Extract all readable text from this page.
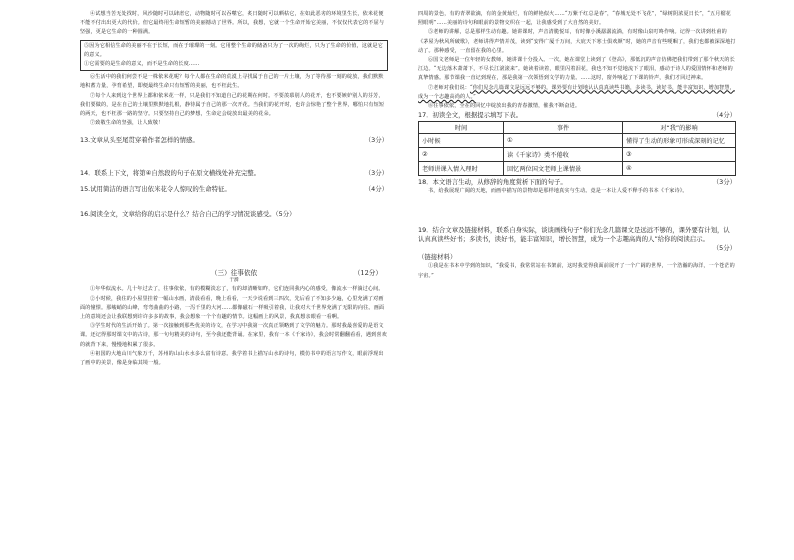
④试想当苦无处找时，风沙随时可以肆虐它，动物随时可以吞噬它，炙日随时可以晒枯它，在如此恶劣的环境里生长，依米花便不能不付出出更大的代价。但它最终用生命短暂的美丽撼动了世界。所以，我想，它就一个生命开始它美丽，不仅仅代表它的不屈与坚强，更是它生命的一种圆满。

⑤因为它相信生命的美丽不在于长短，而在于璀璨的一刻。它用整个生命的储备只为了一次的绚烂，只为了生命的价值，这就是它的意义。

①它需要的是生命的意义，而不是生命的长度……

⑥生活中的我们何尝不是一株依米花呢？每个人都在生命的荒漠上寻找属于自己的一片土壤，为了等待那一刻的绽放，我们默默地积蓄力量，孕育希望，即便最终生命只有短暂的美丽，也不枉此生。

⑦每个人来到这个世界上都和依米花一样，只是我们不知道自己的花期在何时。不要羡慕别人的花开，也不要嫉妒别人的芬芳，我们要做的，是在自己的土壤里默默地扎根，静待属于自己的那一次开花。当我们的花开时，也许会惊艳了整个世界，哪怕只有短短的两天，也不枉那一路的坚守。只要坚持自己的梦想，生命定会绽放出最美的花朵。

⑦致敬生命的坚强，让人致敬！

13.文章从头至尾贯穿着作者怎样的情感。	（3分）
14．联系上下文，将第④自然段的句子在原文横线处补充完整。	（3分）
15.试用简洁的语言写出依米花令人惊叹的生命特征。	（4分）
16.阅读全文，文章给你的启示是什么？结合自己的学习情况谈感受。（5分）
（三）往事依依	（12分）
于漪

①年华似流水。几十年过去了，往事依依，有的模糊淡忘了，有的却清晰如昨，它们连同我内心的感受，像流水一样淌过心间。

②小时候，我住的小屋里挂着一幅山水画，清晨看看，晚上看看，一天少说看到三四次，先后看了不知多少遍，心里充满了对画面的憧憬。那峻峭的山峰，弯弯曲曲的小路，一泻千里的大河……都像磁石一样吸引着我，让我对大千世界充满了无限的向往。画面上的意境还会让我联想到许许多多的故事，我会想象一个个有趣的情节。这幅画上的风景，我真想亲眼看一看啊。

③学生时代的生活开始了。第一次接触到那些优美的诗文，在学习中我第一次真正领略到了文学的魅力。那时我最喜爱的是语文课。还记得那时课文中的古诗，那一句句精美的诗句，至今我还能背诵。在家里，我有一本《千家诗》，我会时常翻翻看看，遇到喜欢的就背下来，慢慢地积累了很多。

④祖国的大地山川气象万千，苏州的山山水水多么富有诗意。我学着书上描写山水的诗句，模仿书中的语言写作文，眼前浮现出了画中的美景，像是身临其境一般。

四周的景色，有的青翠欲滴，有的金黄灿烂，有的鲜艳似火……“万紫千红总是春”，“春城无处不飞花”，“绿树阴浓夏日长”，“五月榴花照眼明”……美丽的诗句和眼前的景物交织在一起，让我感受到了大自然的美好。

⑤老师的讲解，总是那样生动有趣。她讲课时，声音清脆悦耳，有时像小溪潺潺流淌，有时像山泉叮咚作响。记得一次讲到杜甫的《茅屋为秋风所破歌》，老师讲得声情并茂，读到“安得广厦千万间，大庇天下寒士俱欢颜”时，她的声音有些哽咽了，我们也都被深深地打动了。那种感受，一直留在我的心里。

⑥国文老师是一位年轻的女教师，她讲课十分投入。一次，她在课堂上读到了《登高》，那低沉的声音仿佛把我们带到了那个秋天的长江边。“无边落木萧萧下，不尽长江滚滚来”。她读着读着，眼里闪着泪花，我也不知不觉地流下了眼泪，感动于诗人的爱国情怀和老师的真挚情感。那节课我一直记到现在，那是我第一次领悟到文学的力量。……这时，窗外响起了下课的铃声，我们才回过神来。

⑦老师对我们说：“你们见念几篇课文是远远不够的，课外要有计划地认认真真读些书籍，多读书，读好书，能丰富知识，增加智慧，成为一个志趣高尚的人。”

⑧往事依依，全在的回忆中绽放出我的青春激情，催我不断奋进。

17．初读全文，根据提示填写下表。	（4分）
时间	事件	对“我”的影响
小时候	①	懂得了生动的形象可形成深刻的记忆
②	读《千家诗》类不倦收	③
老师讲课入情入理时	回忆两位国文老师上课情景	④
18．本文语言生动，从修辞的角度赏析下面的句子。	（3分）

书，给我展现广阔的天地，而画中描写的景物却是那样地真实与生动。竟是一本让人爱不释手的书本《千家诗》。

19．结合文章及链接材料，联系自身实际，谈谈画线句子“你们光念几篇课文是远远不够的，课外要有计划，认认真真读些好书；多读书，读好书，能丰富知识，增长智慧，成为一个志趣高尚的人”给你的阅读启示。
（5分）
（链接材料）

①我是在书本中学到的知识，“我爱书，我常常站在书架前，这时我觉得我面前展开了一个广阔的世界，一个浩瀚的海洋，一个苍茫的宇宙。”
